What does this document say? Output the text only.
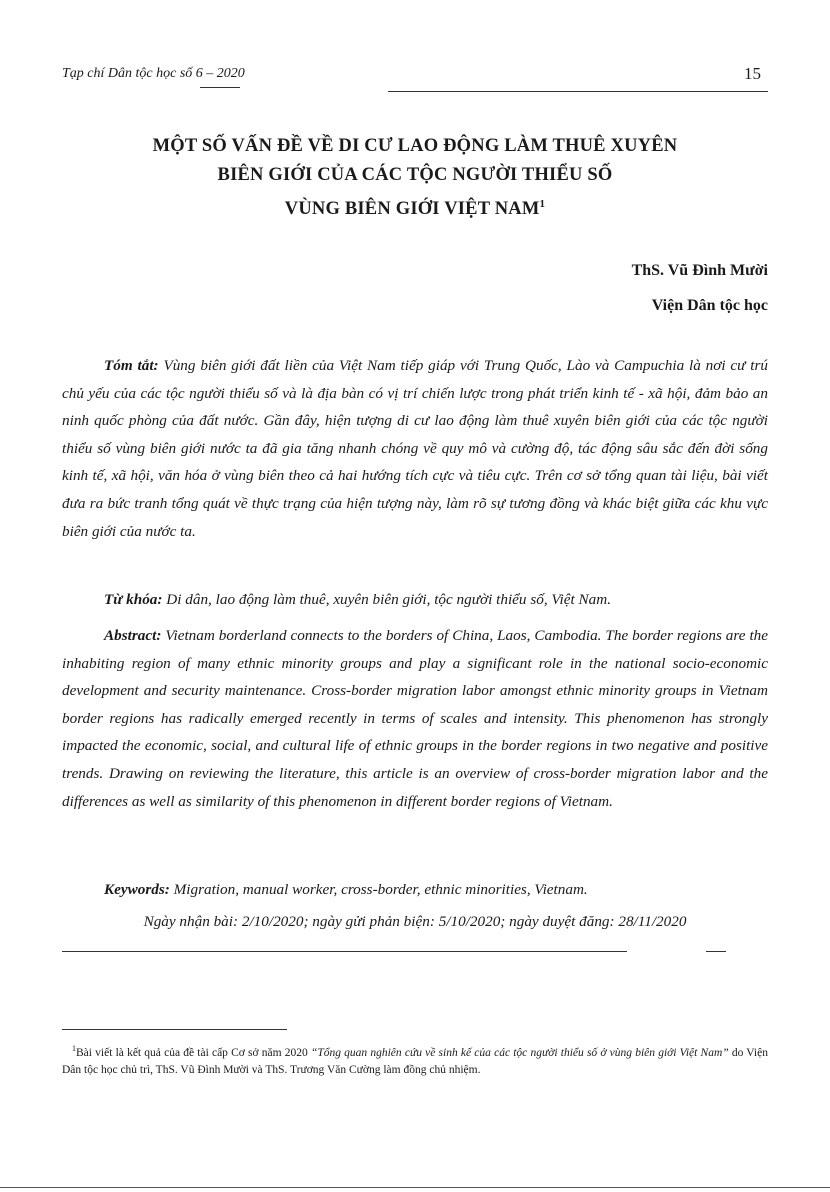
Tạp chí Dân tộc học số 6 – 2020	15
MỘT SỐ VẤN ĐỀ VỀ DI CƯ LAO ĐỘNG LÀM THUÊ XUYÊN
BIÊN GIỚI CỦA CÁC TỘC NGƯỜI THIỂU SỐ
VÙNG BIÊN GIỚI VIỆT NAM$^1$
ThS. Vũ Đình Mười
Viện Dân tộc học
Tóm tắt: Vùng biên giới đất liền của Việt Nam tiếp giáp với Trung Quốc, Lào và Campuchia là nơi cư trú chủ yếu của các tộc người thiểu số và là địa bàn có vị trí chiến lược trong phát triển kinh tế - xã hội, đảm bảo an ninh quốc phòng của đất nước. Gần đây, hiện tượng di cư lao động làm thuê xuyên biên giới của các tộc người thiểu số vùng biên giới nước ta đã gia tăng nhanh chóng về quy mô và cường độ, tác động sâu sắc đến đời sống kinh tế, xã hội, văn hóa ở vùng biên theo cả hai hướng tích cực và tiêu cực. Trên cơ sở tổng quan tài liệu, bài viết đưa ra bức tranh tổng quát về thực trạng của hiện tượng này, làm rõ sự tương đồng và khác biệt giữa các khu vực biên giới của nước ta.
Từ khóa: Di dân, lao động làm thuê, xuyên biên giới, tộc người thiểu số, Việt Nam.
Abstract: Vietnam borderland connects to the borders of China, Laos, Cambodia. The border regions are the inhabiting region of many ethnic minority groups and play a significant role in the national socio-economic development and security maintenance. Cross-border migration labor amongst ethnic minority groups in Vietnam border regions has radically emerged recently in terms of scales and intensity. This phenomenon has strongly impacted the economic, social, and cultural life of ethnic groups in the border regions in two negative and positive trends. Drawing on reviewing the literature, this article is an overview of cross-border migration labor and the differences as well as similarity of this phenomenon in different border regions of Vietnam.
Keywords: Migration, manual worker, cross-border, ethnic minorities, Vietnam.
Ngày nhận bài: 2/10/2020; ngày gửi phản biện: 5/10/2020; ngày duyệt đăng: 28/11/2020
$^1$Bài viết là kết quả của đề tài cấp Cơ sở năm 2020 “Tổng quan nghiên cứu về sinh kế của các tộc người thiểu số ở vùng biên giới Việt Nam” do Viện Dân tộc học chủ trì, ThS. Vũ Đình Mười và ThS. Trương Văn Cường làm đồng chủ nhiệm.
